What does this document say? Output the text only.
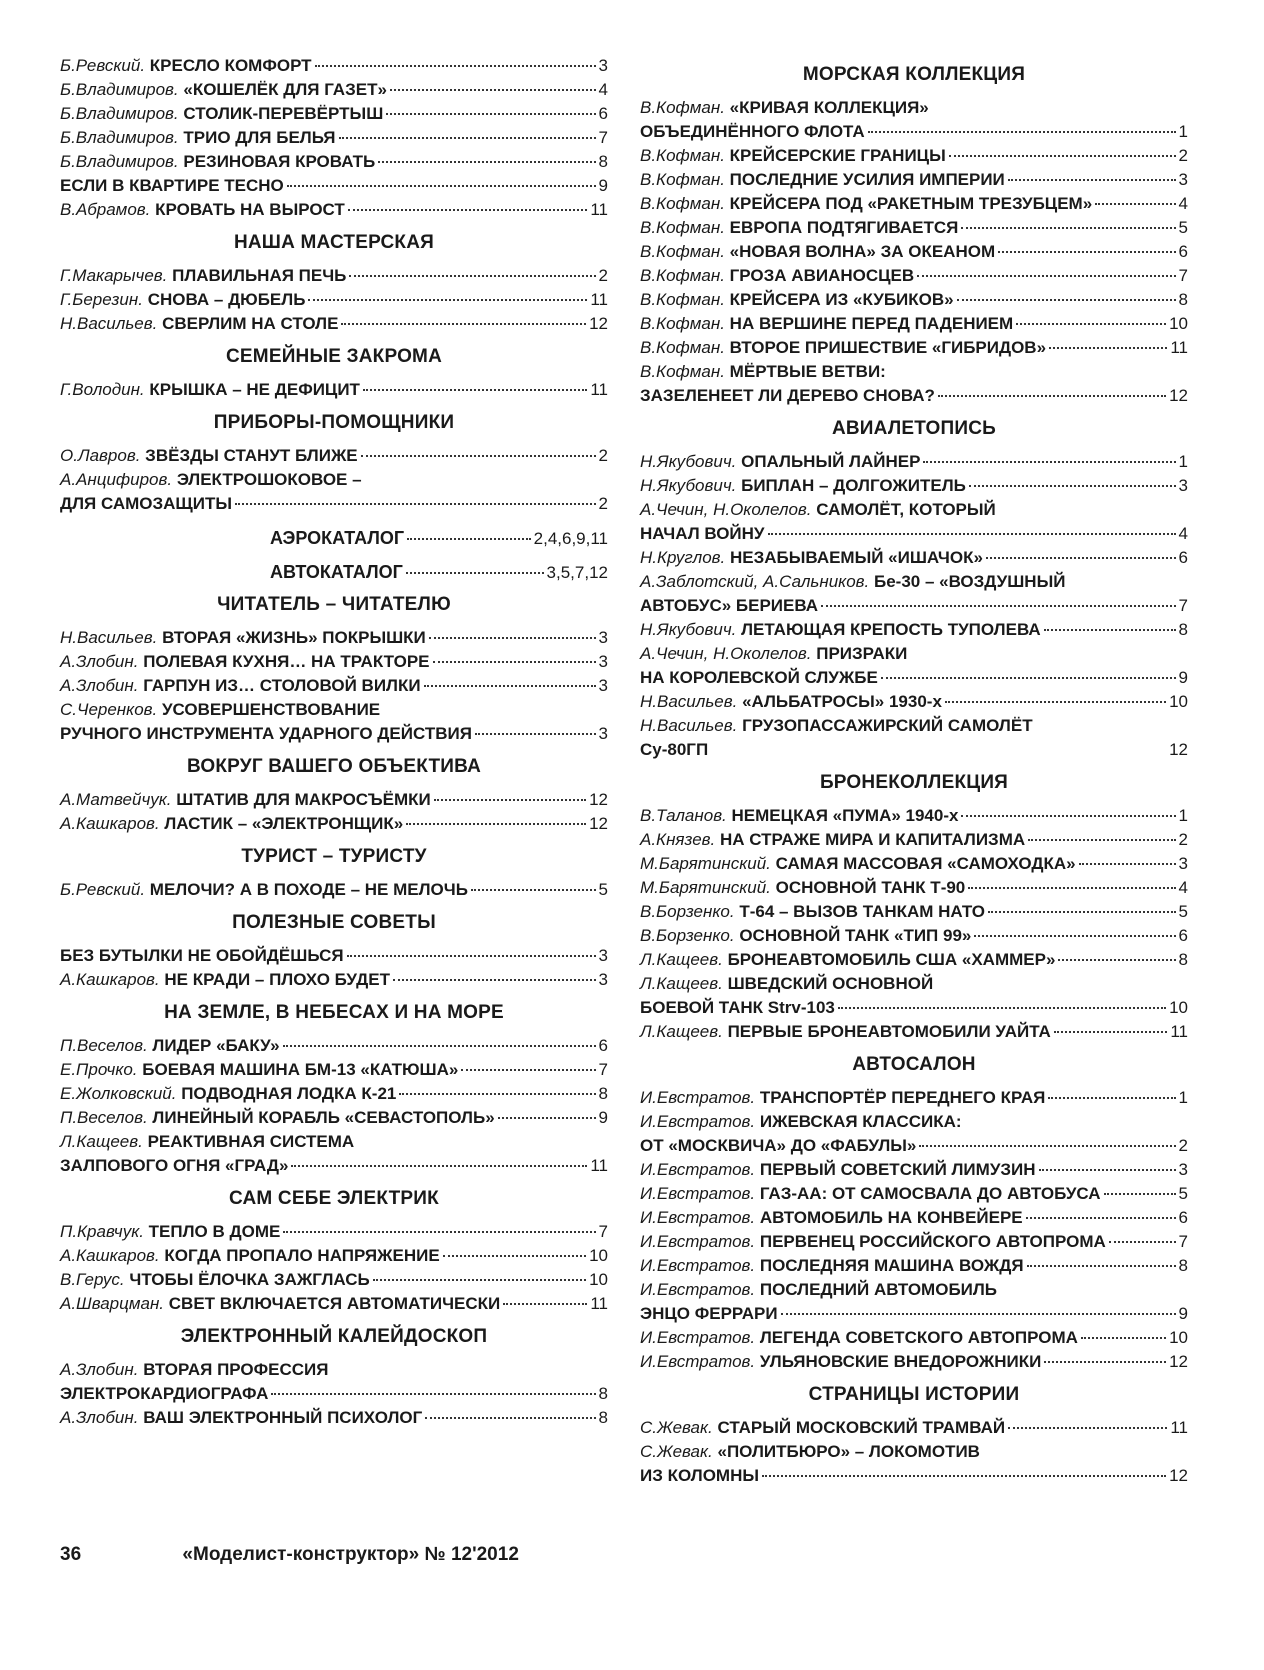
Б.Ревский. КРЕСЛО КОМФОРТ	3
Б.Владимиров. «КОШЕЛЁК ДЛЯ ГАЗЕТ»	4
Б.Владимиров. СТОЛИК-ПЕРЕВЁРТЫШ	6
Б.Владимиров. ТРИО ДЛЯ БЕЛЬЯ	7
Б.Владимиров. РЕЗИНОВАЯ КРОВАТЬ	8
ЕСЛИ В КВАРТИРЕ ТЕСНО	9
В.Абрамов. КРОВАТЬ НА ВЫРОСТ	11
НАША МАСТЕРСКАЯ
Г.Макарычев. ПЛАВИЛЬНАЯ ПЕЧЬ	2
Г.Березин. СНОВА – ДЮБЕЛЬ	11
Н.Васильев. СВЕРЛИМ НА СТОЛЕ	12
СЕМЕЙНЫЕ ЗАКРОМА
Г.Володин. КРЫШКА – НЕ ДЕФИЦИТ	11
ПРИБОРЫ-ПОМОЩНИКИ
О.Лавров. ЗВЁЗДЫ СТАНУТ БЛИЖЕ	2
А.Анцифиров. ЭЛЕКТРОШОКОВОЕ –
ДЛЯ САМОЗАЩИТЫ	2
АЭРОКАТАЛОГ	2,4,6,9,11
АВТОКАТАЛОГ	3,5,7,12
ЧИТАТЕЛЬ – ЧИТАТЕЛЮ
Н.Васильев. ВТОРАЯ «ЖИЗНЬ» ПОКРЫШКИ	3
А.Злобин. ПОЛЕВАЯ КУХНЯ… НА ТРАКТОРЕ	3
А.Злобин. ГАРПУН ИЗ… СТОЛОВОЙ ВИЛКИ	3
С.Черенков. УСОВЕРШЕНСТВОВАНИЕ
РУЧНОГО ИНСТРУМЕНТА УДАРНОГО ДЕЙСТВИЯ	3
ВОКРУГ ВАШЕГО ОБЪЕКТИВА
А.Матвейчук. ШТАТИВ ДЛЯ МАКРОСЪЁМКИ	12
А.Кашкаров. ЛАСТИК – «ЭЛЕКТРОНЩИК»	12
ТУРИСТ – ТУРИСТУ
Б.Ревский. МЕЛОЧИ? А В ПОХОДЕ – НЕ МЕЛОЧЬ	5
ПОЛЕЗНЫЕ СОВЕТЫ
БЕЗ БУТЫЛКИ НЕ ОБОЙДЁШЬСЯ	3
А.Кашкаров. НЕ КРАДИ – ПЛОХО БУДЕТ	3
НА ЗЕМЛЕ, В НЕБЕСАХ И НА МОРЕ
П.Веселов. ЛИДЕР «БАКУ»	6
Е.Прочко. БОЕВАЯ МАШИНА БМ-13 «КАТЮША»	7
Е.Жолковский. ПОДВОДНАЯ ЛОДКА К-21	8
П.Веселов. ЛИНЕЙНЫЙ КОРАБЛЬ «СЕВАСТОПОЛЬ»	9
Л.Кащеев. РЕАКТИВНАЯ СИСТЕМА
ЗАЛПОВОГО ОГНЯ «ГРАД»	11
САМ СЕБЕ ЭЛЕКТРИК
П.Кравчук. ТЕПЛО В ДОМЕ	7
А.Кашкаров. КОГДА ПРОПАЛО НАПРЯЖЕНИЕ	10
В.Герус. ЧТОБЫ ЁЛОЧКА ЗАЖГЛАСЬ	10
А.Шварцман. СВЕТ ВКЛЮЧАЕТСЯ АВТОМАТИЧЕСКИ	11
ЭЛЕКТРОННЫЙ КАЛЕЙДОСКОП
А.Злобин. ВТОРАЯ ПРОФЕССИЯ
ЭЛЕКТРОКАРДИОГРАФА	8
А.Злобин. ВАШ ЭЛЕКТРОННЫЙ ПСИХОЛОГ	8
МОРСКАЯ КОЛЛЕКЦИЯ
В.Кофман. «КРИВАЯ КОЛЛЕКЦИЯ»
ОБЪЕДИНЁННОГО ФЛОТА	1
В.Кофман. КРЕЙСЕРСКИЕ ГРАНИЦЫ	2
В.Кофман. ПОСЛЕДНИЕ УСИЛИЯ ИМПЕРИИ	3
В.Кофман. КРЕЙСЕРА ПОД «РАКЕТНЫМ ТРЕЗУБЦЕМ»	4
В.Кофман. ЕВРОПА ПОДТЯГИВАЕТСЯ	5
В.Кофман. «НОВАЯ ВОЛНА» ЗА ОКЕАНОМ	6
В.Кофман. ГРОЗА АВИАНОСЦЕВ	7
В.Кофман. КРЕЙСЕРА ИЗ «КУБИКОВ»	8
В.Кофман. НА ВЕРШИНЕ ПЕРЕД ПАДЕНИЕМ	10
В.Кофман. ВТОРОЕ ПРИШЕСТВИЕ «ГИБРИДОВ»	11
В.Кофман. МЁРТВЫЕ ВЕТВИ:
ЗАЗЕЛЕНЕЕТ ЛИ ДЕРЕВО СНОВА?	12
АВИАЛЕТОПИСЬ
Н.Якубович. ОПАЛЬНЫЙ ЛАЙНЕР	1
Н.Якубович. БИПЛАН – ДОЛГОЖИТЕЛЬ	3
А.Чечин, Н.Околелов. САМОЛЁТ, КОТОРЫЙ
НАЧАЛ ВОЙНУ	4
Н.Круглов. НЕЗАБЫВАЕМЫЙ «ИШАЧОК»	6
А.Заблотский, А.Сальников. Бе-30 – «ВОЗДУШНЫЙ
АВТОБУС» БЕРИЕВА	7
Н.Якубович. ЛЕТАЮЩАЯ КРЕПОСТЬ ТУПОЛЕВА	8
А.Чечин, Н.Околелов. ПРИЗРАКИ
НА КОРОЛЕВСКОЙ СЛУЖБЕ	9
Н.Васильев. «АЛЬБАТРОСЫ» 1930-х	10
Н.Васильев. ГРУЗОПАССАЖИРСКИЙ САМОЛЁТ
Су-80ГП	12
БРОНЕКОЛЛЕКЦИЯ
В.Таланов. НЕМЕЦКАЯ «ПУМА» 1940-х	1
А.Князев. НА СТРАЖЕ МИРА И КАПИТАЛИЗМА	2
М.Барятинский. САМАЯ МАССОВАЯ «САМОХОДКА»	3
М.Барятинский. ОСНОВНОЙ ТАНК Т-90	4
В.Борзенко. Т-64 – ВЫЗОВ ТАНКАМ НАТО	5
В.Борзенко. ОСНОВНОЙ ТАНК «ТИП 99»	6
Л.Кащеев. БРОНЕАВТОМОБИЛЬ США «ХАММЕР»	8
Л.Кащеев. ШВЕДСКИЙ ОСНОВНОЙ
БОЕВОЙ ТАНК Strv-103	10
Л.Кащеев. ПЕРВЫЕ БРОНЕАВТОМОБИЛИ УАЙТА	11
АВТОСАЛОН
И.Евстратов. ТРАНСПОРТЁР ПЕРЕДНЕГО КРАЯ	1
И.Евстратов. ИЖЕВСКАЯ КЛАССИКА:
ОТ «МОСКВИЧА» ДО «ФАБУЛЫ»	2
И.Евстратов. ПЕРВЫЙ СОВЕТСКИЙ ЛИМУЗИН	3
И.Евстратов. ГАЗ-АА: ОТ САМОСВАЛА ДО АВТОБУСА	5
И.Евстратов. АВТОМОБИЛЬ НА КОНВЕЙЕРЕ	6
И.Евстратов. ПЕРВЕНЕЦ РОССИЙСКОГО АВТОПРОМА	7
И.Евстратов. ПОСЛЕДНЯЯ МАШИНА ВОЖДЯ	8
И.Евстратов. ПОСЛЕДНИЙ АВТОМОБИЛЬ
ЭНЦО ФЕРРАРИ	9
И.Евстратов. ЛЕГЕНДА СОВЕТСКОГО АВТОПРОМА	10
И.Евстратов. УЛЬЯНОВСКИЕ ВНЕДОРОЖНИКИ	12
СТРАНИЦЫ ИСТОРИИ
С.Жевак. СТАРЫЙ МОСКОВСКИЙ ТРАМВАЙ	11
С.Жевак. «ПОЛИТБЮРО» – ЛОКОМОТИВ
ИЗ КОЛОМНЫ	12
36	«Моделист-конструктор» № 12'2012
